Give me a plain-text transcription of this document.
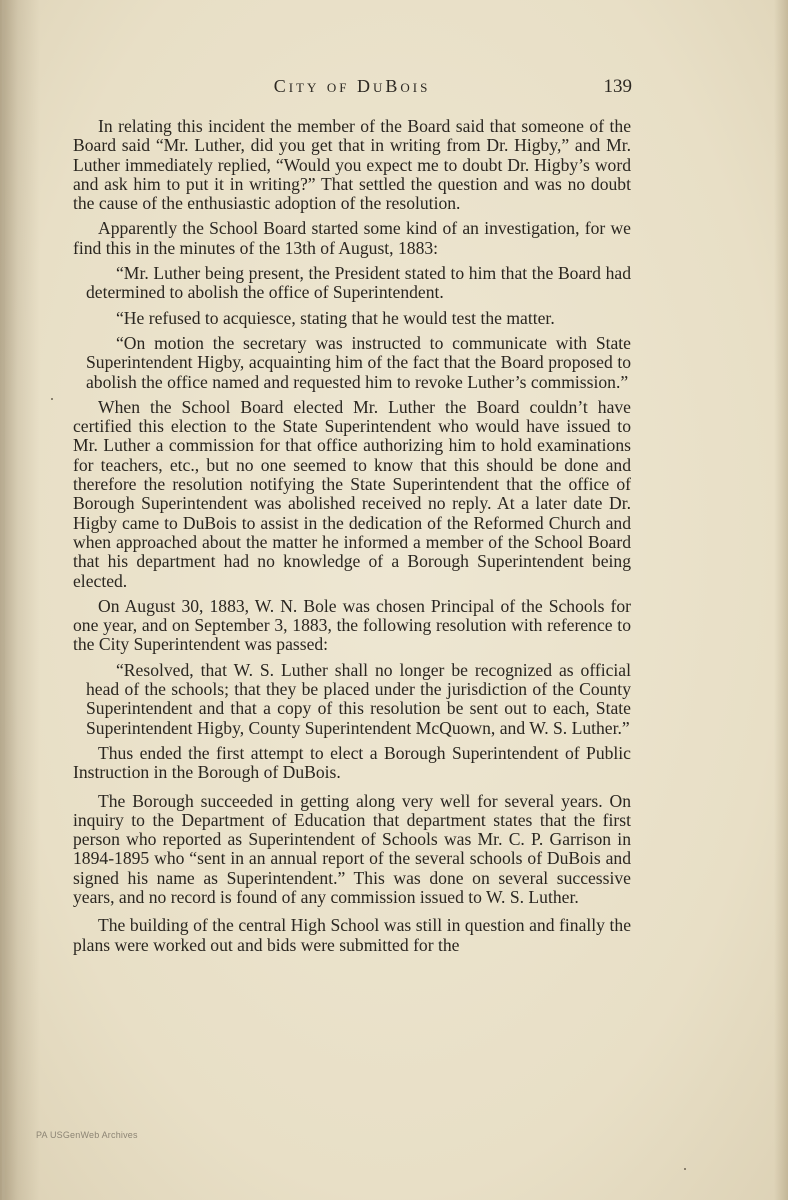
City of DuBois	139

In relating this incident the member of the Board said that someone of the Board said “Mr. Luther, did you get that in writing from Dr. Higby,” and Mr. Luther immediately replied, “Would you expect me to doubt Dr. Higby’s word and ask him to put it in writing?” That settled the question and was no doubt the cause of the enthusiastic adoption of the resolution.

Apparently the School Board started some kind of an investigation, for we find this in the minutes of the 13th of August, 1883:

“Mr. Luther being present, the President stated to him that the Board had determined to abolish the office of Superintendent.

“He refused to acquiesce, stating that he would test the matter.

“On motion the secretary was instructed to communicate with State Superintendent Higby, acquainting him of the fact that the Board proposed to abolish the office named and requested him to revoke Luther’s commission.”

When the School Board elected Mr. Luther the Board couldn’t have certified this election to the State Superintendent who would have issued to Mr. Luther a commission for that office authorizing him to hold examinations for teachers, etc., but no one seemed to know that this should be done and therefore the resolution notifying the State Superintendent that the office of Borough Superintendent was abolished received no reply. At a later date Dr. Higby came to DuBois to assist in the dedication of the Reformed Church and when approached about the matter he informed a member of the School Board that his department had no knowledge of a Borough Superintendent being elected.

On August 30, 1883, W. N. Bole was chosen Principal of the Schools for one year, and on September 3, 1883, the following resolution with reference to the City Superintendent was passed:

“Resolved, that W. S. Luther shall no longer be recognized as official head of the schools; that they be placed under the jurisdiction of the County Superintendent and that a copy of this resolution be sent out to each, State Superintendent Higby, County Superintendent McQuown, and W. S. Luther.”

Thus ended the first attempt to elect a Borough Superintendent of Public Instruction in the Borough of DuBois.

The Borough succeeded in getting along very well for several years. On inquiry to the Department of Education that department states that the first person who reported as Superintendent of Schools was Mr. C. P. Garrison in 1894-1895 who “sent in an annual report of the several schools of DuBois and signed his name as Superintendent.” This was done on several successive years, and no record is found of any commission issued to W. S. Luther.

The building of the central High School was still in question and finally the plans were worked out and bids were submitted for the

PA USGenWeb Archives
